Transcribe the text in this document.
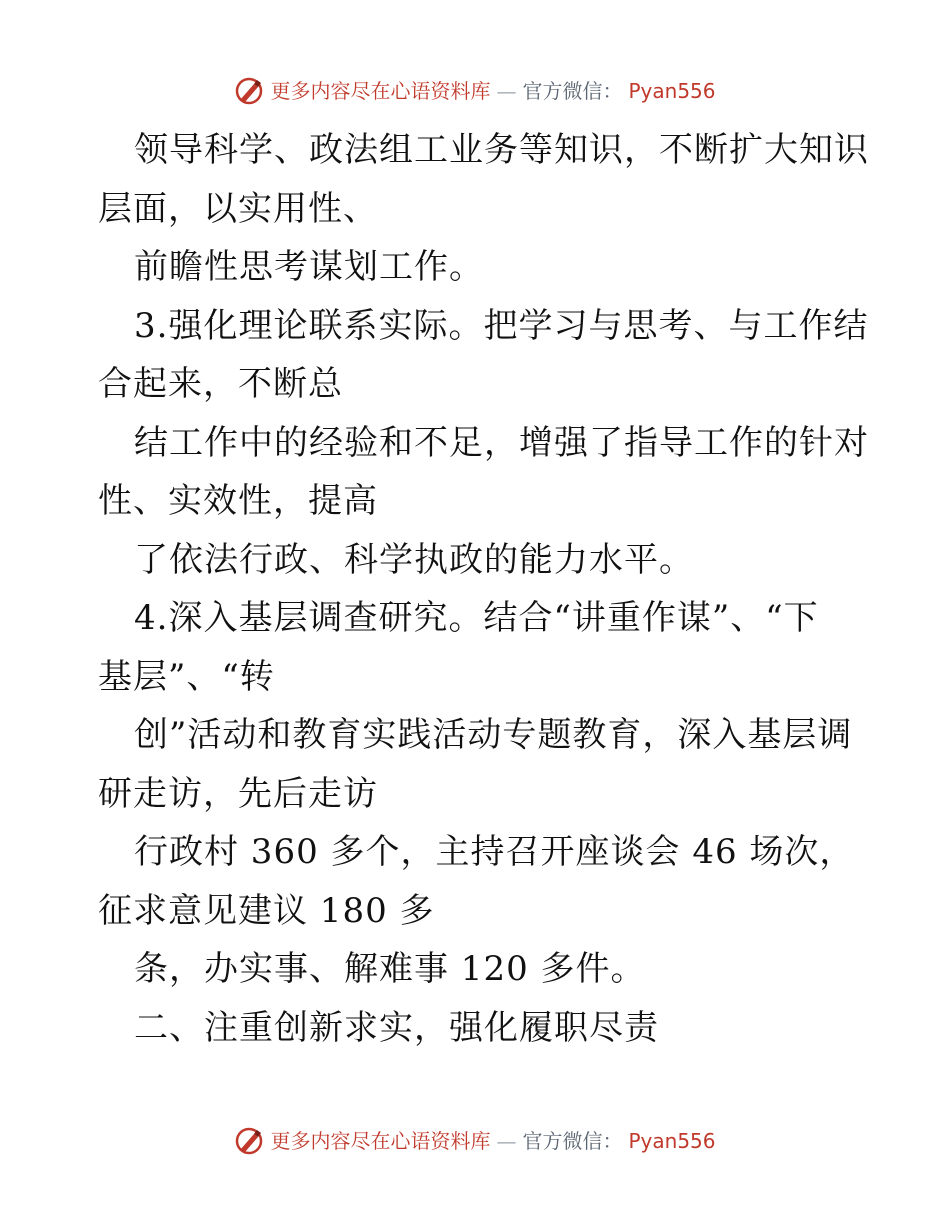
更多内容尽在心语资料库 — 官方微信： Pyan556
领导科学、政法组工业务等知识，不断扩大知识
层面，以实用性、
前瞻性思考谋划工作。
3.强化理论联系实际。把学习与思考、与工作结
合起来，不断总
结工作中的经验和不足，增强了指导工作的针对
性、实效性，提高
了依法行政、科学执政的能力水平。
4.深入基层调查研究。结合“讲重作谋”、“下
基层”、“转
创”活动和教育实践活动专题教育，深入基层调
研走访，先后走访
行政村 360 多个，主持召开座谈会 46 场次，
征求意见建议 180 多
条，办实事、解难事 120 多件。
二、注重创新求实，强化履职尽责
更多内容尽在心语资料库 — 官方微信： Pyan556
